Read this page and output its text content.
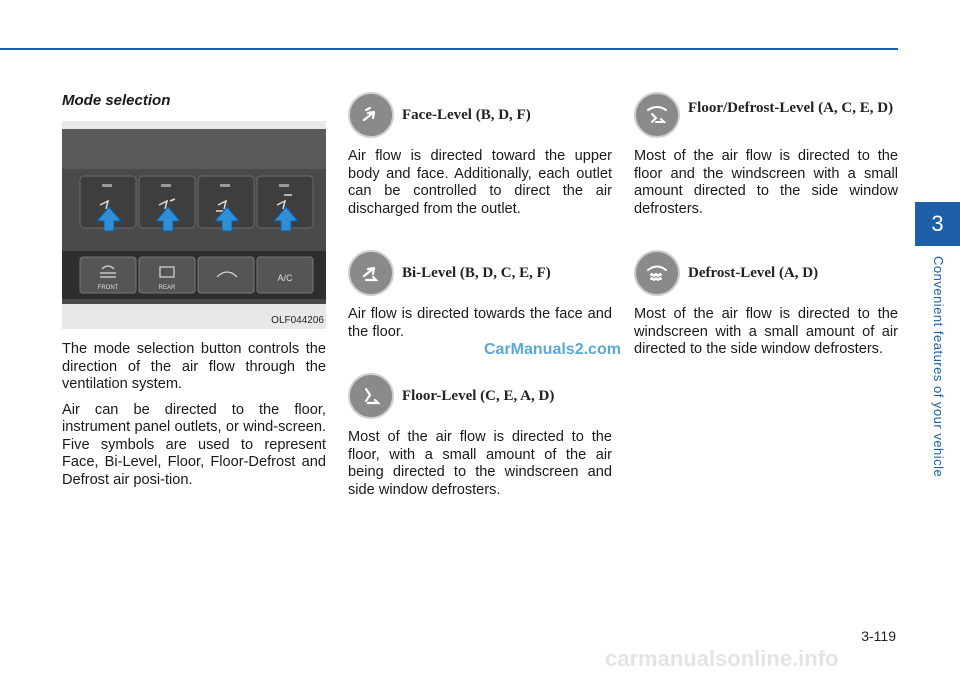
3
Convenient features of your vehicle
Mode selection
FRONT	REAR
A/C
OLF044206

The mode selection button controls the direction of the air flow through the ventilation system.

Air can be directed to the floor, instrument panel outlets, or wind-screen. Five symbols are used to represent Face, Bi-Level, Floor, Floor-Defrost and Defrost air posi-tion.

Face-Level (B, D, F)

Air flow is directed toward the upper body and face. Additionally, each outlet can be controlled to direct the air discharged from the outlet.

Bi-Level (B, D, C, E, F)

Air flow is directed towards the face and the floor.

Floor-Level (C, E, A, D)

Most of the air flow is directed to the floor, with a small amount of the air being directed to the windscreen and side window defrosters.

Floor/Defrost-Level (A, C, E, D)

Most of the air flow is directed to the floor and the windscreen with a small amount directed to the side window defrosters.

Defrost-Level (A, D)

Most of the air flow is directed to the windscreen with a small amount of air directed to the side window defrosters.

CarManuals2.com
3-119
carmanualsonline.info
